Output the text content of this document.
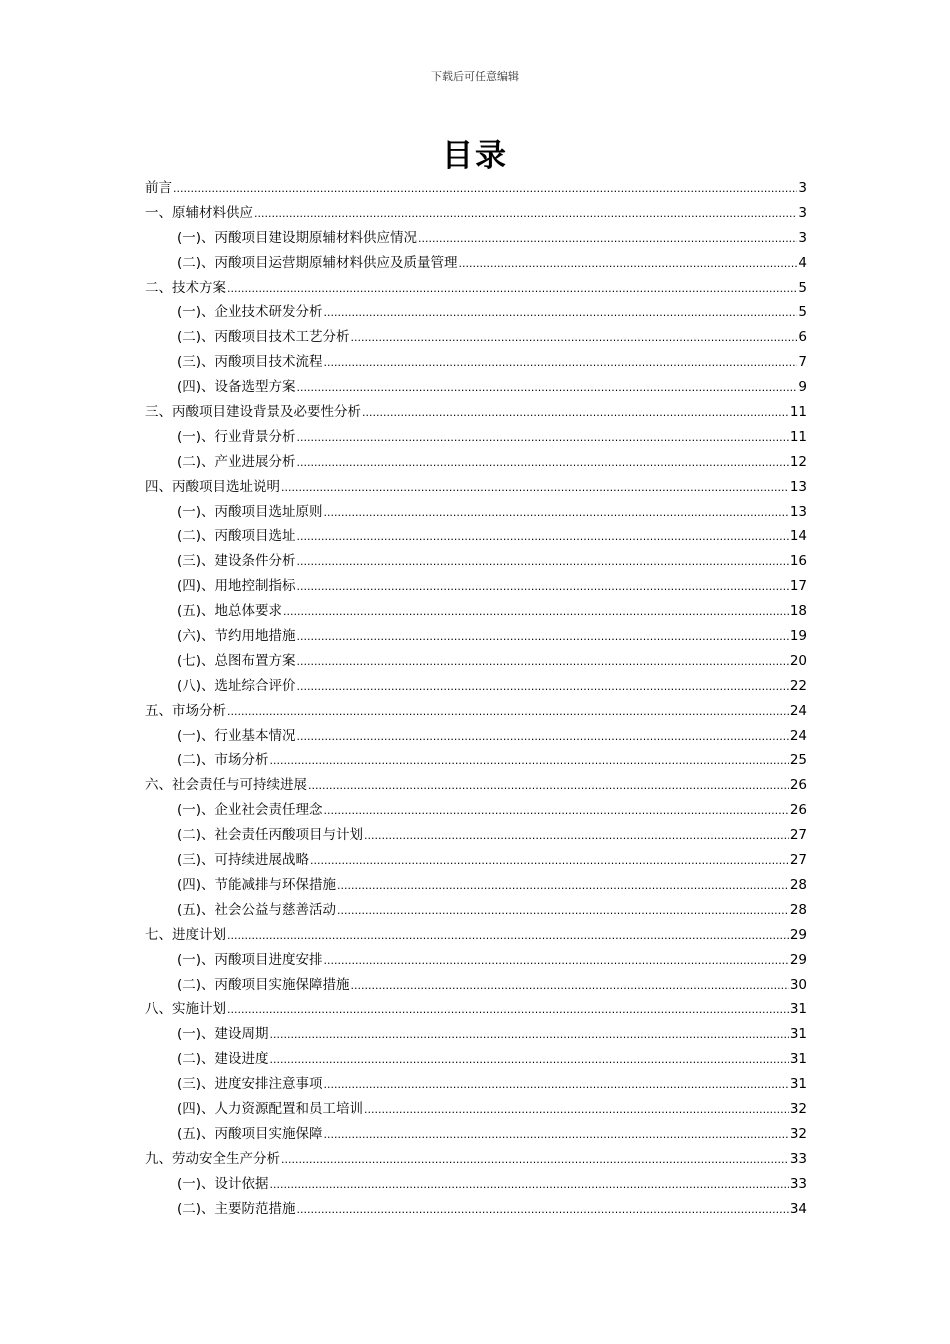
下载后可任意编辑
目录
前言 .....	3
一、原辅材料供应 .....	3
(一)、丙酸项目建设期原辅材料供应情况 .....	3
(二)、丙酸项目运营期原辅材料供应及质量管理 .....	4
二、技术方案 .....	5
(一)、企业技术研发分析 .....	5
(二)、丙酸项目技术工艺分析 .....	6
(三)、丙酸项目技术流程 .....	7
(四)、设备选型方案 .....	9
三、丙酸项目建设背景及必要性分析 .....	11
(一)、行业背景分析 .....	11
(二)、产业进展分析 .....	12
四、丙酸项目选址说明 .....	13
(一)、丙酸项目选址原则 .....	13
(二)、丙酸项目选址 .....	14
(三)、建设条件分析 .....	16
(四)、用地控制指标 .....	17
(五)、地总体要求 .....	18
(六)、节约用地措施 .....	19
(七)、总图布置方案 .....	20
(八)、选址综合评价 .....	22
五、市场分析 .....	24
(一)、行业基本情况 .....	24
(二)、市场分析 .....	25
六、社会责任与可持续进展 .....	26
(一)、企业社会责任理念 .....	26
(二)、社会责任丙酸项目与计划 .....	27
(三)、可持续进展战略 .....	27
(四)、节能减排与环保措施 .....	28
(五)、社会公益与慈善活动 .....	28
七、进度计划 .....	29
(一)、丙酸项目进度安排 .....	29
(二)、丙酸项目实施保障措施 .....	30
八、实施计划 .....	31
(一)、建设周期 .....	31
(二)、建设进度 .....	31
(三)、进度安排注意事项 .....	31
(四)、人力资源配置和员工培训 .....	32
(五)、丙酸项目实施保障 .....	32
九、劳动安全生产分析 .....	33
(一)、设计依据 .....	33
(二)、主要防范措施 .....	34
